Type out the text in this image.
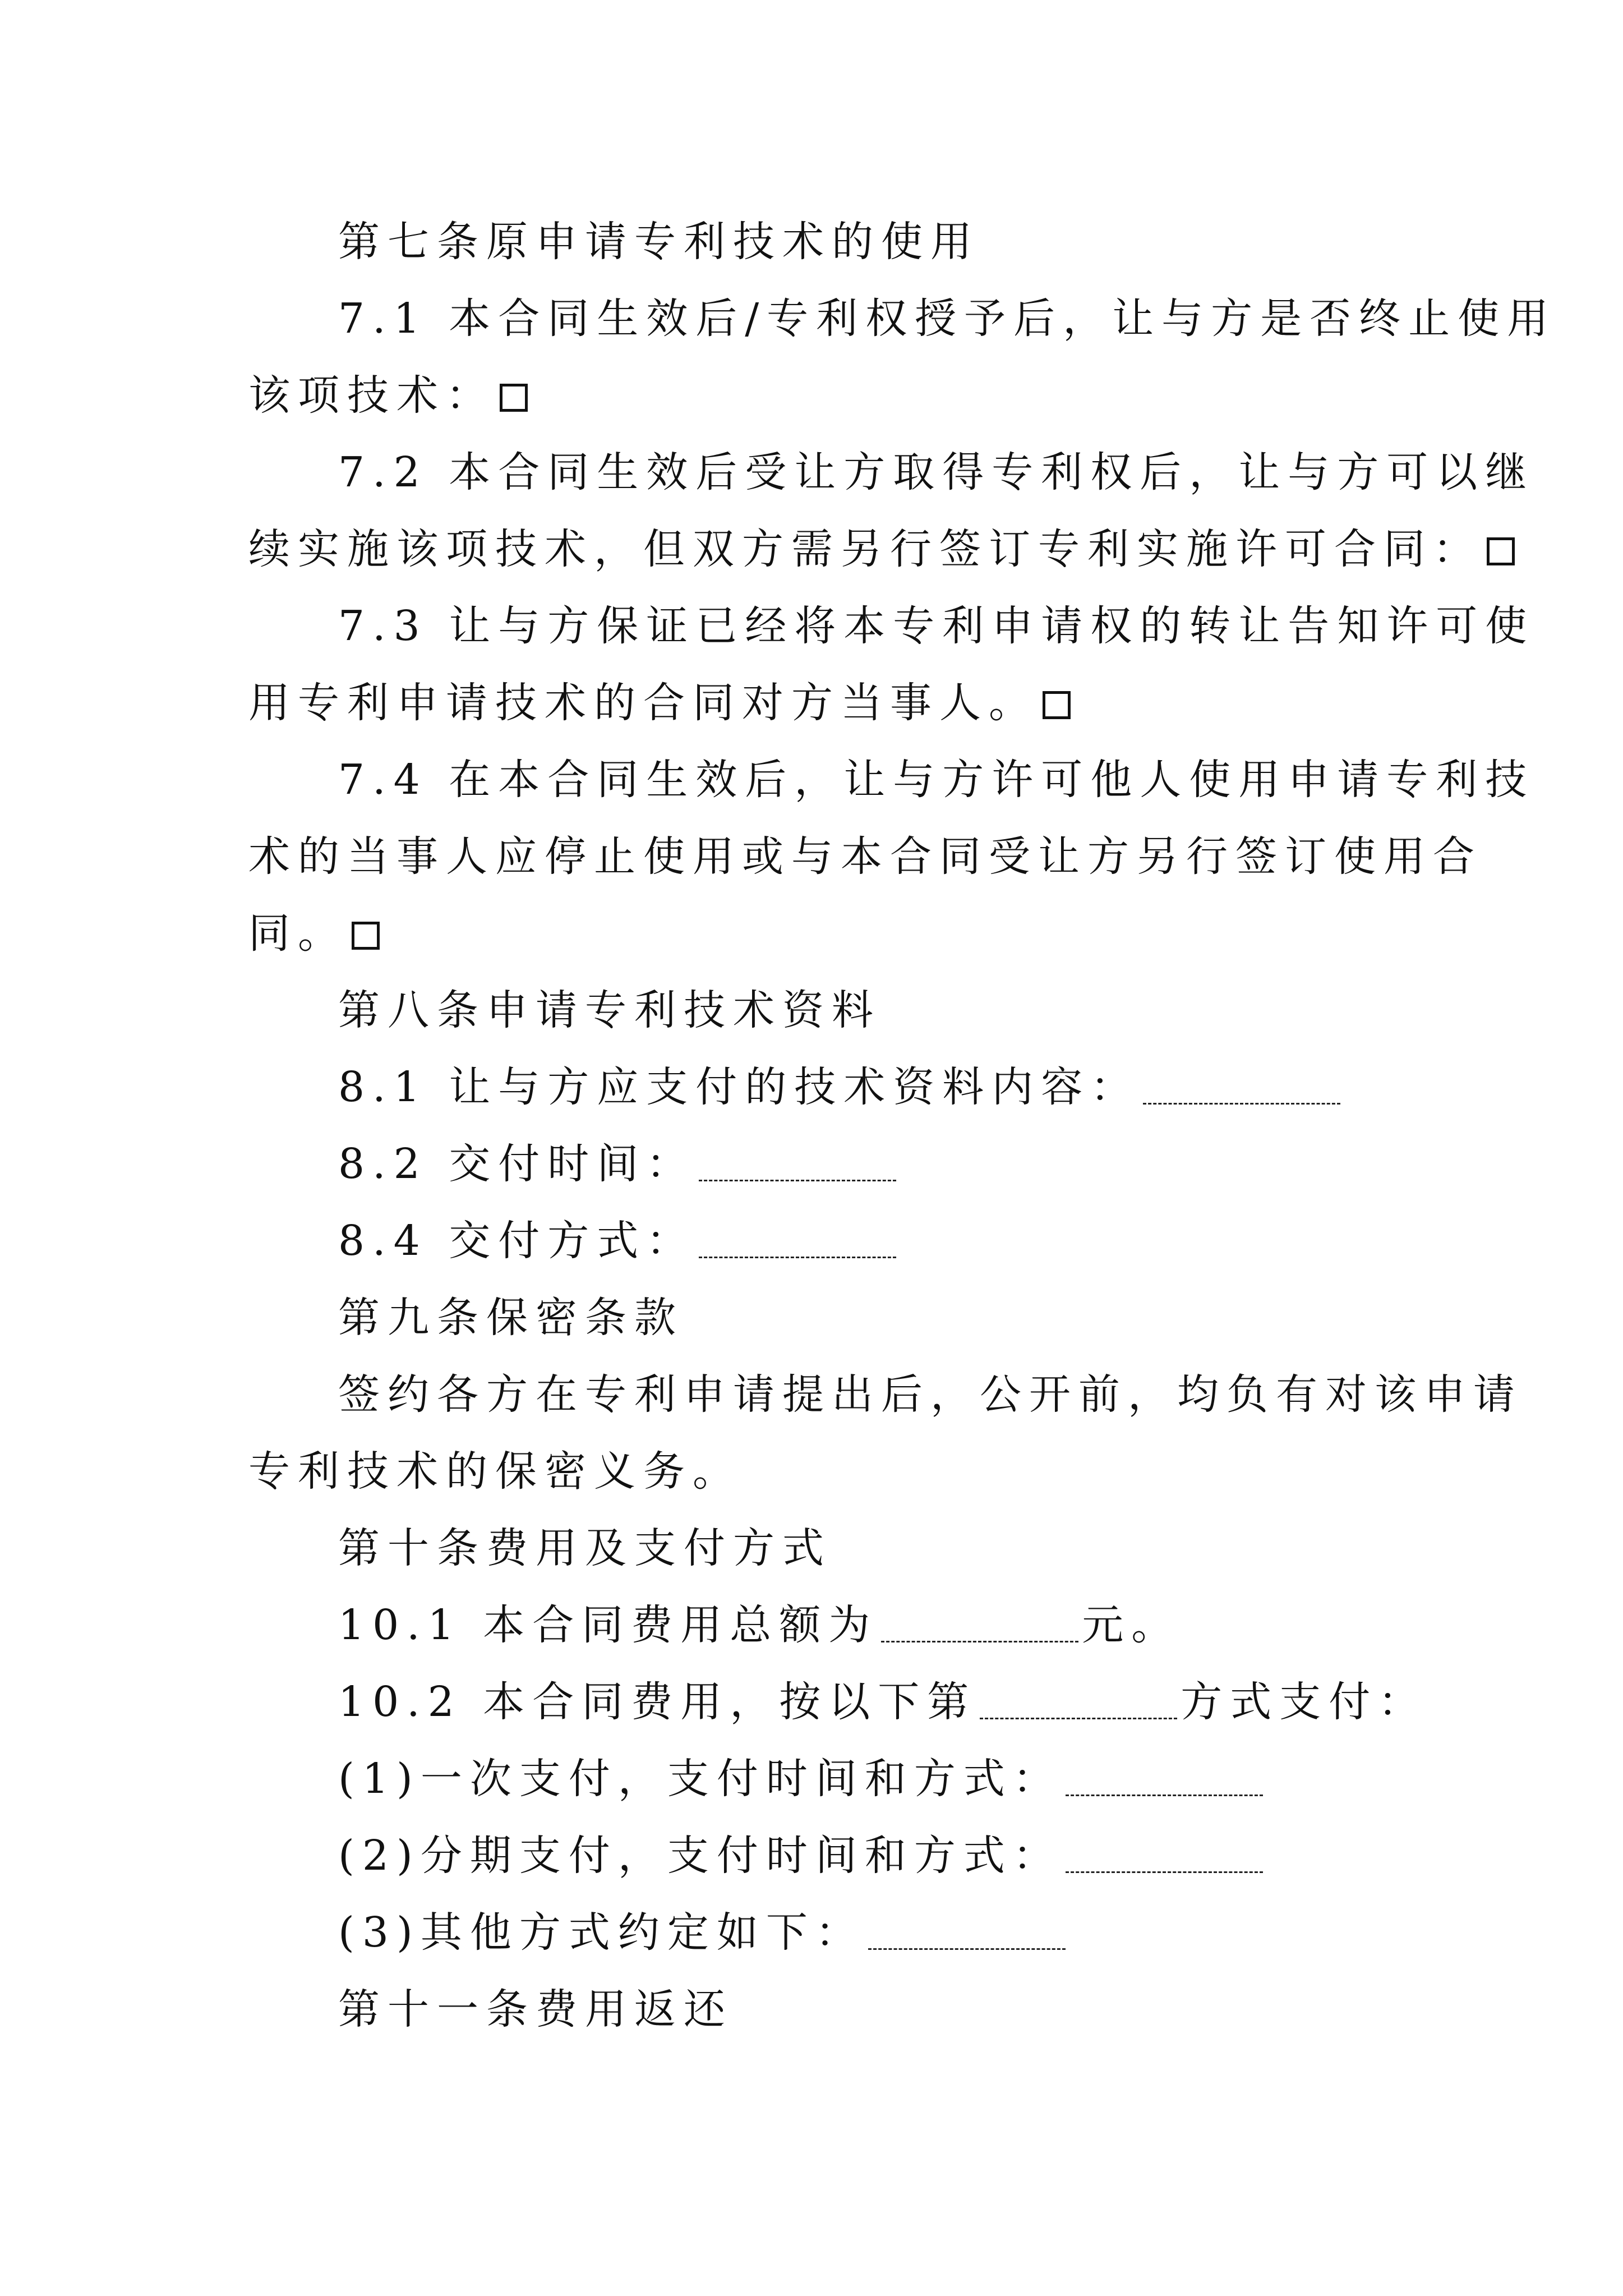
第七条原申请专利技术的使用

7.1 本合同生效后/专利权授予后，让与方是否终止使用

该项技术：

7.2 本合同生效后受让方取得专利权后，让与方可以继

续实施该项技术，但双方需另行签订专利实施许可合同：

7.3 让与方保证已经将本专利申请权的转让告知许可使

用专利申请技术的合同对方当事人。

7.4 在本合同生效后，让与方许可他人使用申请专利技

术的当事人应停止使用或与本合同受让方另行签订使用合

同。

第八条申请专利技术资料

8.1 让与方应支付的技术资料内容：

8.2 交付时间：

8.4 交付方式：

第九条保密条款

签约各方在专利申请提出后，公开前，均负有对该申请

专利技术的保密义务。

第十条费用及支付方式

10.1 本合同费用总额为	元。

10.2 本合同费用，按以下第	方式支付：

(1)一次支付，支付时间和方式：

(2)分期支付，支付时间和方式：

(3)其他方式约定如下：

第十一条费用返还
